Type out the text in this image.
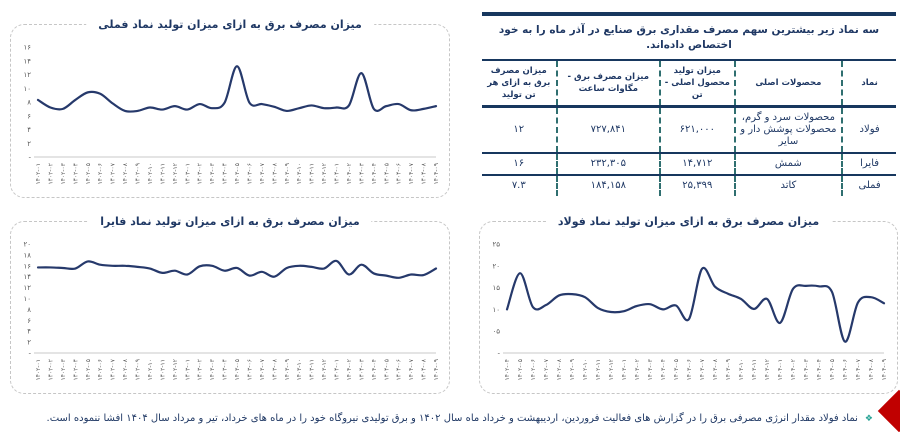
میزان مصرف برق به ازای میزان تولید نماد فملی
۱۶
۱۴
۱۲
۱۰
۸
۶
۴
۲
-
۱۴۰۲-۰۱ ۱۴۰۲-۰۲ ۱۴۰۲-۰۳ ۱۴۰۲-۰۴ ۱۴۰۲-۰۵ ۱۴۰۲-۰۶ ۱۴۰۲-۰۷ ۱۴۰۲-۰۸ ۱۴۰۲-۰۹ ۱۴۰۲-۱۰ ۱۴۰۲-۱۱ ۱۴۰۲-۱۲ ۱۴۰۳-۰۱ ۱۴۰۳-۰۲ ۱۴۰۳-۰۳ ۱۴۰۳-۰۴ ۱۴۰۳-۰۵ ۱۴۰۳-۰۶ ۱۴۰۳-۰۷ ۱۴۰۳-۰۸ ۱۴۰۳-۰۹ ۱۴۰۳-۱۰ ۱۴۰۳-۱۱ ۱۴۰۳-۱۲ ۱۴۰۴-۰۱ ۱۴۰۴-۰۲ ۱۴۰۴-۰۳ ۱۴۰۴-۰۴ ۱۴۰۴-۰۵ ۱۴۰۴-۰۶ ۱۴۰۴-۰۷ ۱۴۰۴-۰۸ ۱۴۰۴-۰۹
میزان مصرف برق به ازای میزان تولید نماد فایرا
۲۰
۱۸
۱۶
۱۴
۱۲
۱۰
۸
۶
۴
۲
-
۱۴۰۲-۰۱ ۱۴۰۲-۰۲ ۱۴۰۲-۰۳ ۱۴۰۲-۰۴ ۱۴۰۲-۰۵ ۱۴۰۲-۰۶ ۱۴۰۲-۰۷ ۱۴۰۲-۰۸ ۱۴۰۲-۰۹ ۱۴۰۲-۱۰ ۱۴۰۲-۱۱ ۱۴۰۲-۱۲ ۱۴۰۳-۰۱ ۱۴۰۳-۰۲ ۱۴۰۳-۰۳ ۱۴۰۳-۰۴ ۱۴۰۳-۰۵ ۱۴۰۳-۰۶ ۱۴۰۳-۰۷ ۱۴۰۳-۰۸ ۱۴۰۳-۰۹ ۱۴۰۳-۱۰ ۱۴۰۳-۱۱ ۱۴۰۳-۱۲ ۱۴۰۴-۰۱ ۱۴۰۴-۰۲ ۱۴۰۴-۰۳ ۱۴۰۴-۰۴ ۱۴۰۴-۰۵ ۱۴۰۴-۰۶ ۱۴۰۴-۰۷ ۱۴۰۴-۰۸ ۱۴۰۴-۰۹
میزان مصرف برق به ازای میزان تولید نماد فولاد
۲۵
۲۰
۱۵
۱۰
۰۵
-
۱۴۰۲-۰۴ ۱۴۰۲-۰۵ ۱۴۰۲-۰۶ ۱۴۰۲-۰۷ ۱۴۰۲-۰۸ ۱۴۰۲-۰۹ ۱۴۰۲-۱۰ ۱۴۰۲-۱۱ ۱۴۰۲-۱۲ ۱۴۰۳-۰۱ ۱۴۰۳-۰۲ ۱۴۰۳-۰۳ ۱۴۰۳-۰۴ ۱۴۰۳-۰۵ ۱۴۰۳-۰۶ ۱۴۰۳-۰۷ ۱۴۰۳-۰۸ ۱۴۰۳-۰۹ ۱۴۰۳-۱۰ ۱۴۰۳-۱۱ ۱۴۰۳-۱۲ ۱۴۰۴-۰۱ ۱۴۰۴-۰۲ ۱۴۰۴-۰۳ ۱۴۰۴-۰۴ ۱۴۰۴-۰۵ ۱۴۰۴-۰۶ ۱۴۰۴-۰۷ ۱۴۰۴-۰۸ ۱۴۰۴-۰۹

سه نماد زیر بیشترین سهم مصرف مقداری برق صنایع در آذر ماه را به خود اختصاص داده‌اند.

نماد	محصولات اصلی	میزان تولید محصول اصلی - تن	میزان مصرف برق - مگاوات ساعت	میزان مصرف برق به ازای هر تن تولید
فولاد	محصولات سرد و گرم، محصولات پوشش دار و سایر	۶۲۱,۰۰۰	۷۲۷,۸۴۱	۱۲
فایرا	شمش	۱۴,۷۱۲	۲۳۲,۳۰۵	۱۶
فملی	کاتد	۲۵,۳۹۹	۱۸۴,۱۵۸	۷.۳

❖نماد فولاد مقدار انرژی مصرفی برق را در گزارش های فعالیت فروردین، اردیبهشت و خرداد ماه سال ۱۴۰۲ و برق تولیدی نیروگاه خود را در ماه های خرداد، تیر و مرداد سال ۱۴۰۴ افشا ننموده است.
